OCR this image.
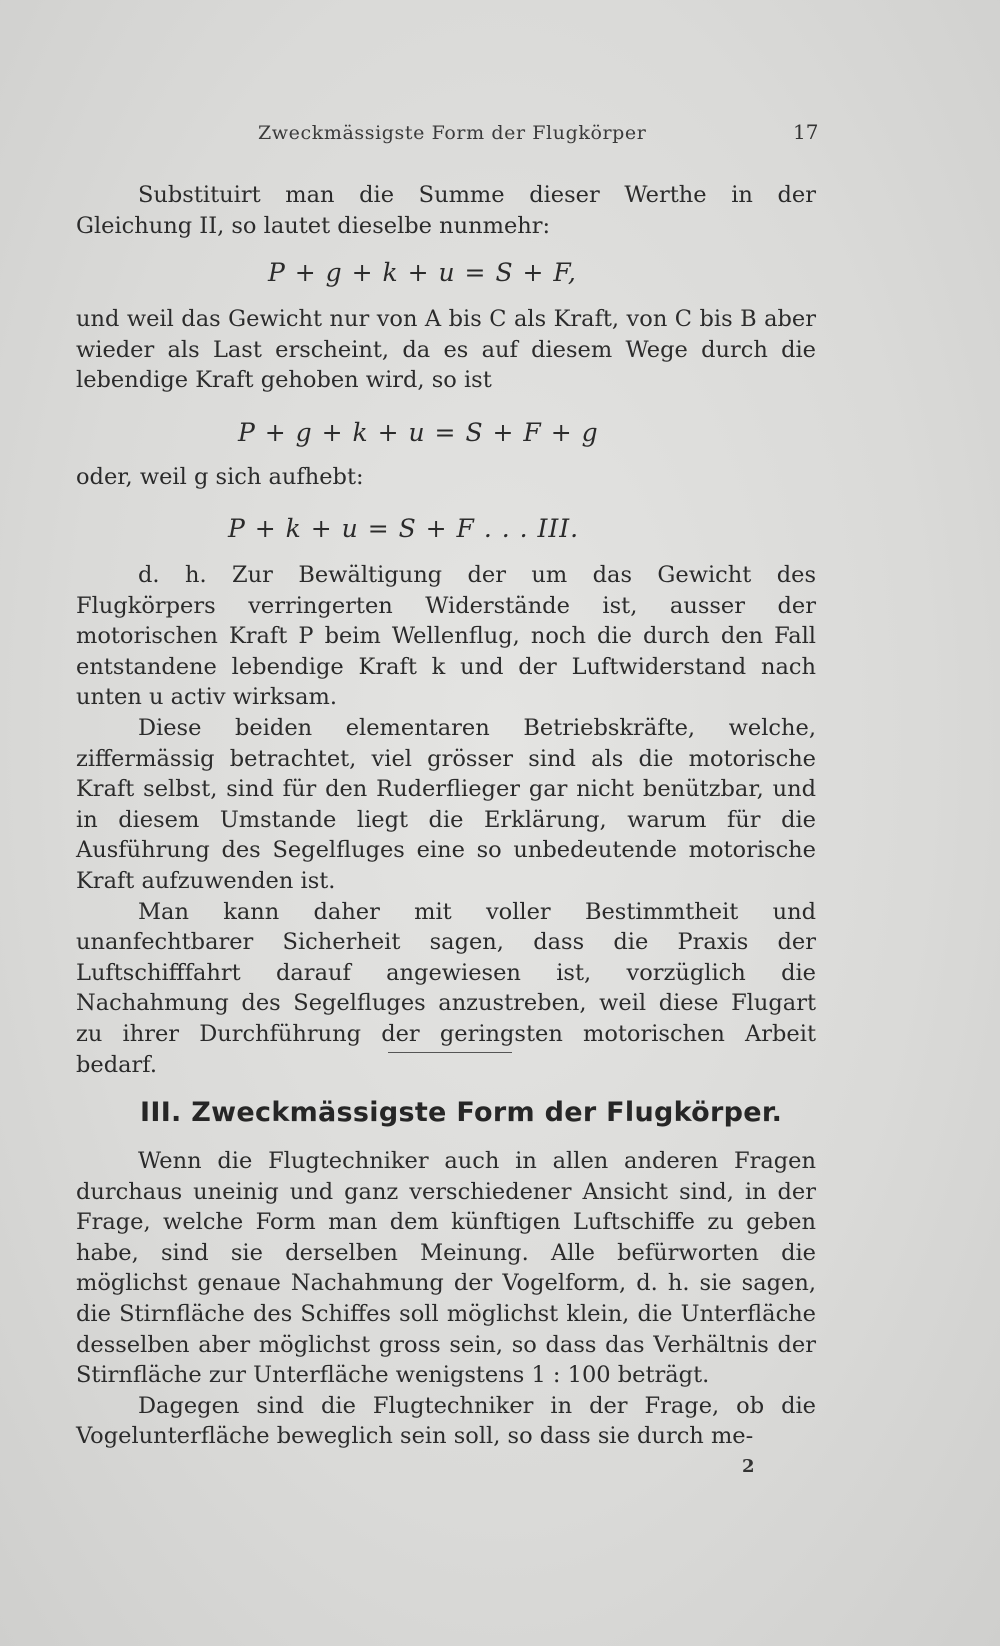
Zweckmässigste Form der Flugkörper	17

Substituirt man die Summe dieser Werthe in der Gleichung II, so lautet dieselbe nunmehr:

P + g + k + u = S + F,

und weil das Gewicht nur von A bis C als Kraft, von C bis B aber wieder als Last erscheint, da es auf diesem Wege durch die lebendige Kraft gehoben wird, so ist

P + g + k + u = S + F + g

oder, weil g sich aufhebt:

P + k + u = S + F . . . III.

d. h. Zur Bewältigung der um das Gewicht des Flugkörpers verringerten Widerstände ist, ausser der motorischen Kraft P beim Wellenflug, noch die durch den Fall entstandene lebendige Kraft k und der Luftwiderstand nach unten u activ wirksam.

Diese beiden elementaren Betriebskräfte, welche, ziffermässig betrachtet, viel grösser sind als die motorische Kraft selbst, sind für den Ruderflieger gar nicht benützbar, und in diesem Umstande liegt die Erklärung, warum für die Ausführung des Segelfluges eine so unbedeutende motorische Kraft aufzuwenden ist.

Man kann daher mit voller Bestimmtheit und unanfechtbarer Sicherheit sagen, dass die Praxis der Luftschifffahrt darauf angewiesen ist, vorzüglich die Nachahmung des Segelfluges anzustreben, weil diese Flugart zu ihrer Durchführung der geringsten motorischen Arbeit bedarf.

III. Zweckmässigste Form der Flugkörper.

Wenn die Flugtechniker auch in allen anderen Fragen durchaus uneinig und ganz verschiedener Ansicht sind, in der Frage, welche Form man dem künftigen Luftschiffe zu geben habe, sind sie derselben Meinung. Alle befürworten die möglichst genaue Nachahmung der Vogelform, d. h. sie sagen, die Stirnfläche des Schiffes soll möglichst klein, die Unterfläche desselben aber möglichst gross sein, so dass das Verhältnis der Stirnfläche zur Unterfläche wenigstens 1 : 100 beträgt.

Dagegen sind die Flugtechniker in der Frage, ob die Vogelunterfläche beweglich sein soll, so dass sie durch me-

2
